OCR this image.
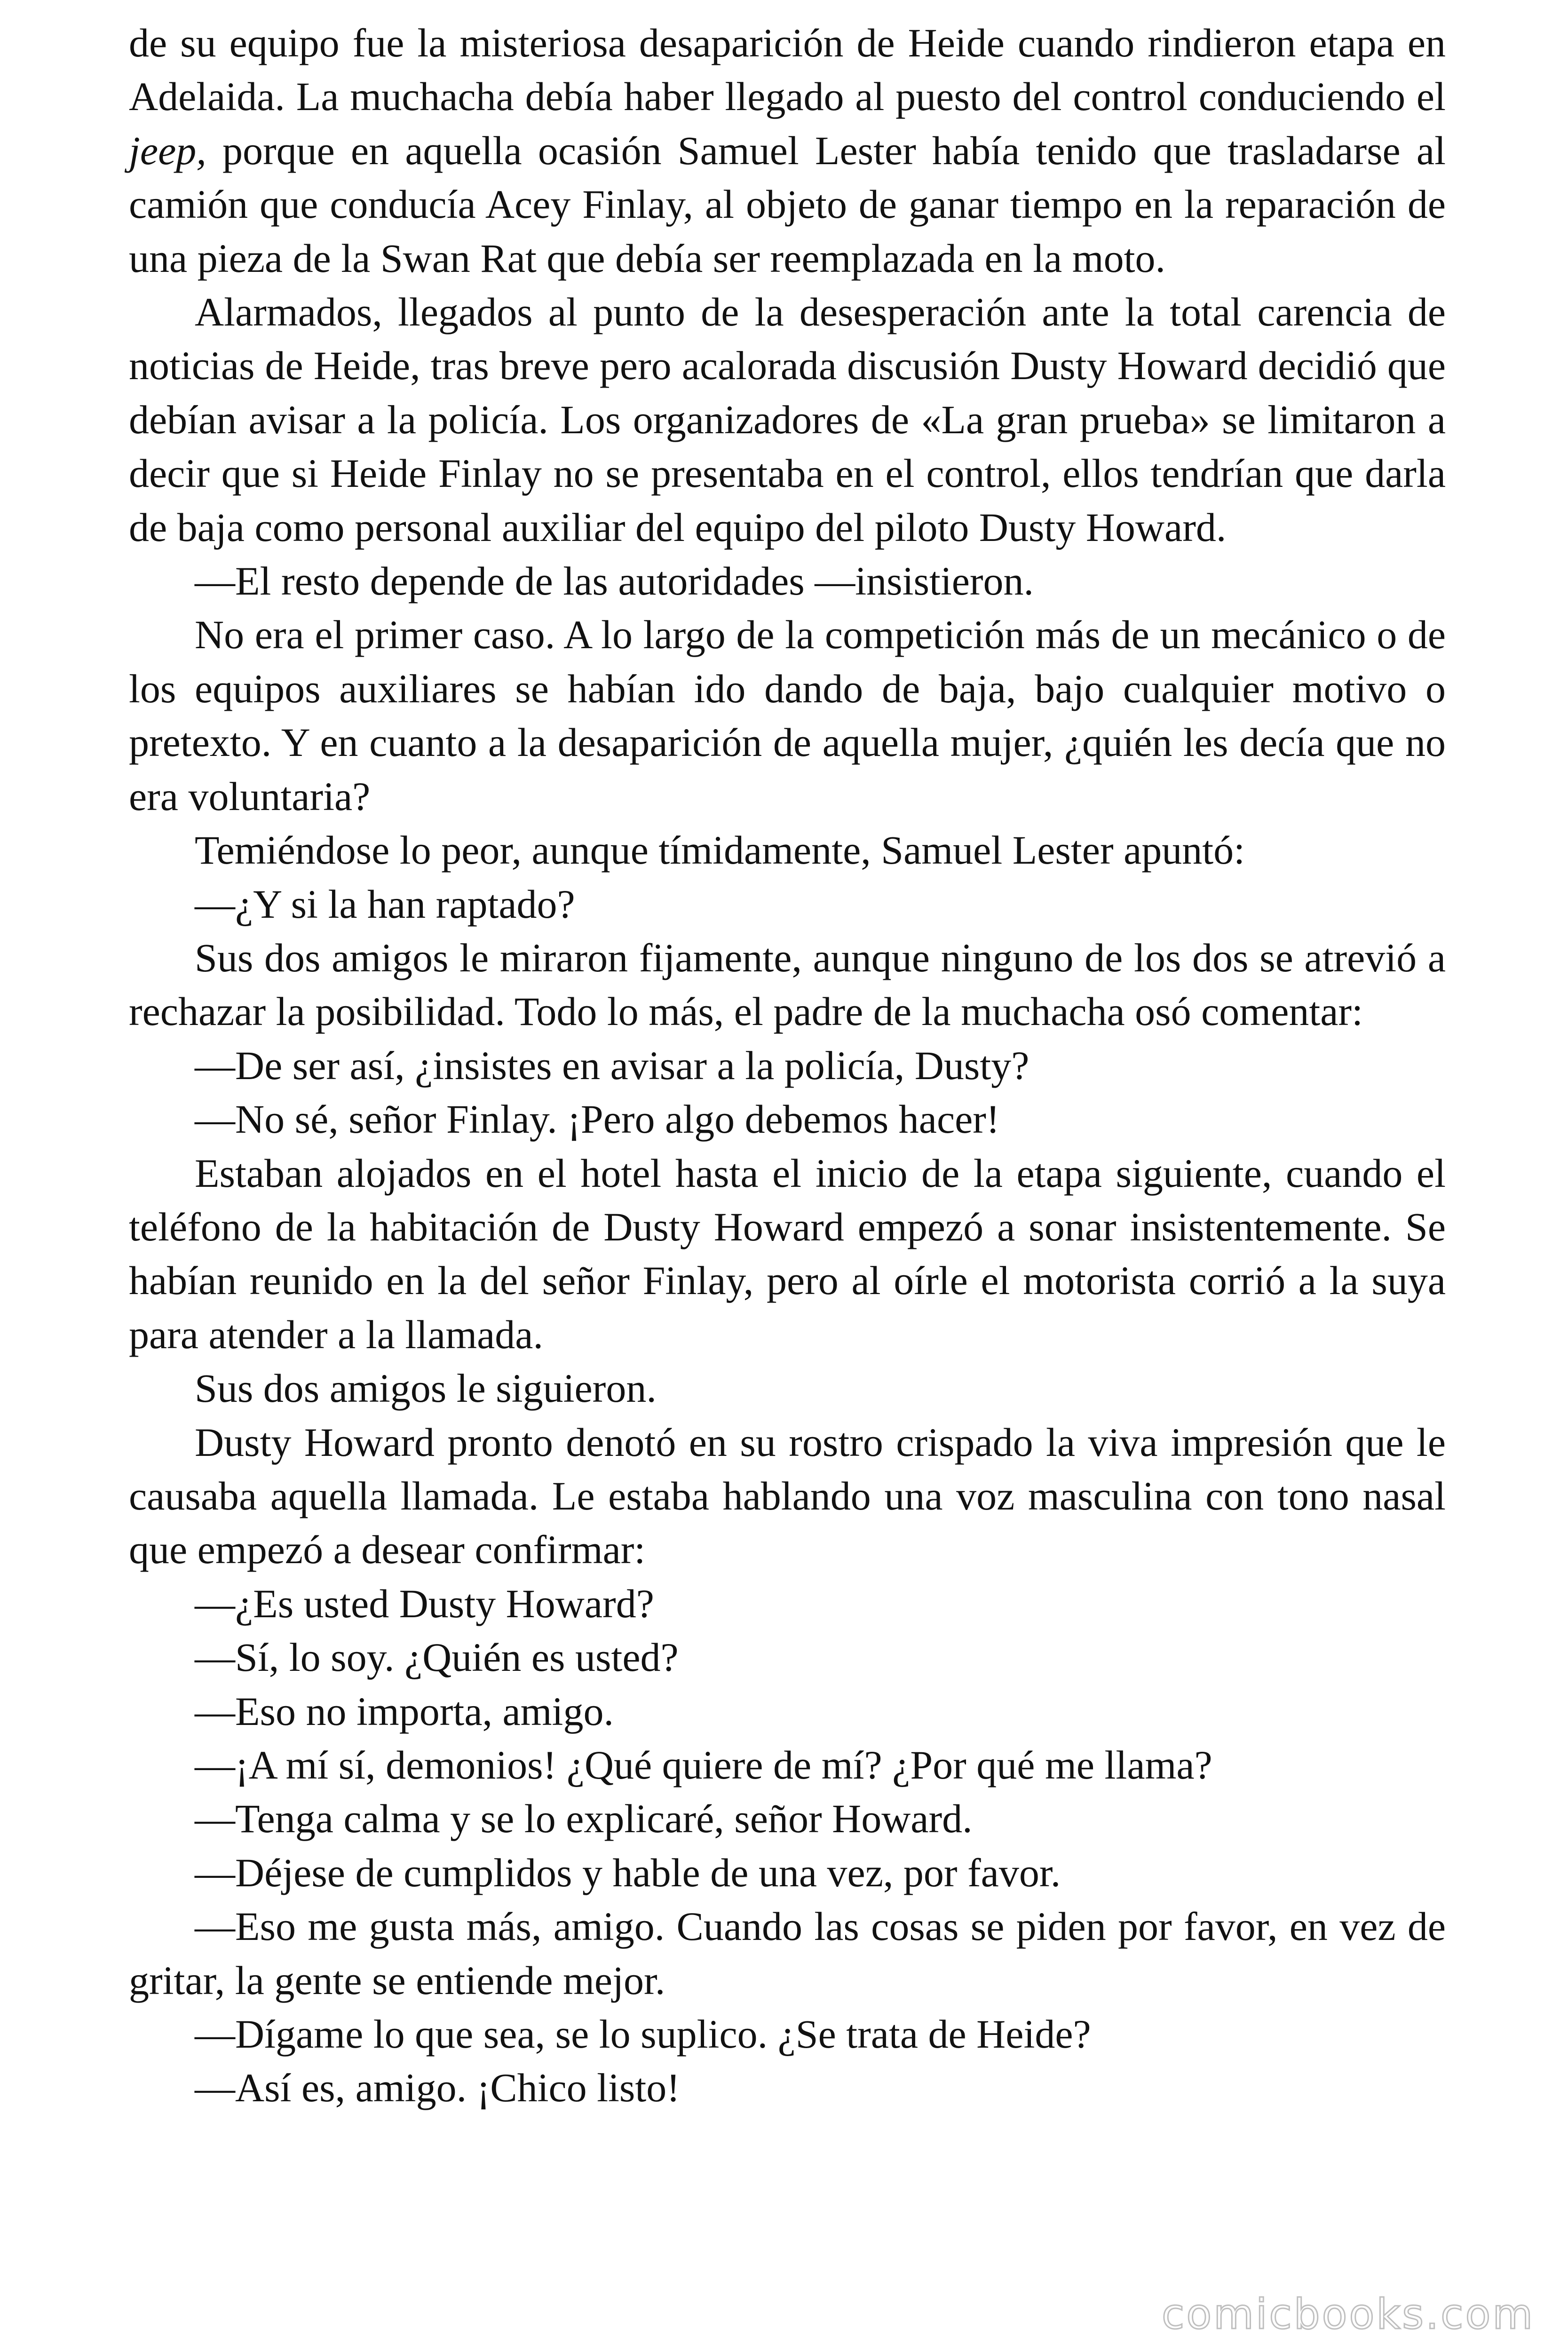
de su equipo fue la misteriosa desaparición de Heide cuando rindieron etapa en Adelaida. La muchacha debía haber llegado al puesto del control conduciendo el jeep, porque en aquella ocasión Samuel Lester había tenido que trasladarse al camión que conducía Acey Finlay, al objeto de ganar tiempo en la reparación de una pieza de la Swan Rat que debía ser reemplazada en la moto.

Alarmados, llegados al punto de la desesperación ante la total carencia de noticias de Heide, tras breve pero acalorada discusión Dusty Howard decidió que debían avisar a la policía. Los organizadores de «La gran prueba» se limitaron a decir que si Heide Finlay no se presentaba en el control, ellos tendrían que darla de baja como personal auxiliar del equipo del piloto Dusty Howard.

—El resto depende de las autoridades —insistieron.

No era el primer caso. A lo largo de la competición más de un mecánico o de los equipos auxiliares se habían ido dando de baja, bajo cualquier motivo o pretexto. Y en cuanto a la desaparición de aquella mujer, ¿quién les decía que no era voluntaria?

Temiéndose lo peor, aunque tímidamente, Samuel Lester apuntó:

—¿Y si la han raptado?

Sus dos amigos le miraron fijamente, aunque ninguno de los dos se atrevió a rechazar la posibilidad. Todo lo más, el padre de la muchacha osó comentar:

—De ser así, ¿insistes en avisar a la policía, Dusty?

—No sé, señor Finlay. ¡Pero algo debemos hacer!

Estaban alojados en el hotel hasta el inicio de la etapa siguiente, cuando el teléfono de la habitación de Dusty Howard empezó a sonar insistentemente. Se habían reunido en la del señor Finlay, pero al oírle el motorista corrió a la suya para atender a la llamada.

Sus dos amigos le siguieron.

Dusty Howard pronto denotó en su rostro crispado la viva impresión que le causaba aquella llamada. Le estaba hablando una voz masculina con tono nasal que empezó a desear confirmar:

—¿Es usted Dusty Howard?

—Sí, lo soy. ¿Quién es usted?

—Eso no importa, amigo.

—¡A mí sí, demonios! ¿Qué quiere de mí? ¿Por qué me llama?

—Tenga calma y se lo explicaré, señor Howard.

—Déjese de cumplidos y hable de una vez, por favor.

—Eso me gusta más, amigo. Cuando las cosas se piden por favor, en vez de gritar, la gente se entiende mejor.

—Dígame lo que sea, se lo suplico. ¿Se trata de Heide?

—Así es, amigo. ¡Chico listo!

comicbooks.com
